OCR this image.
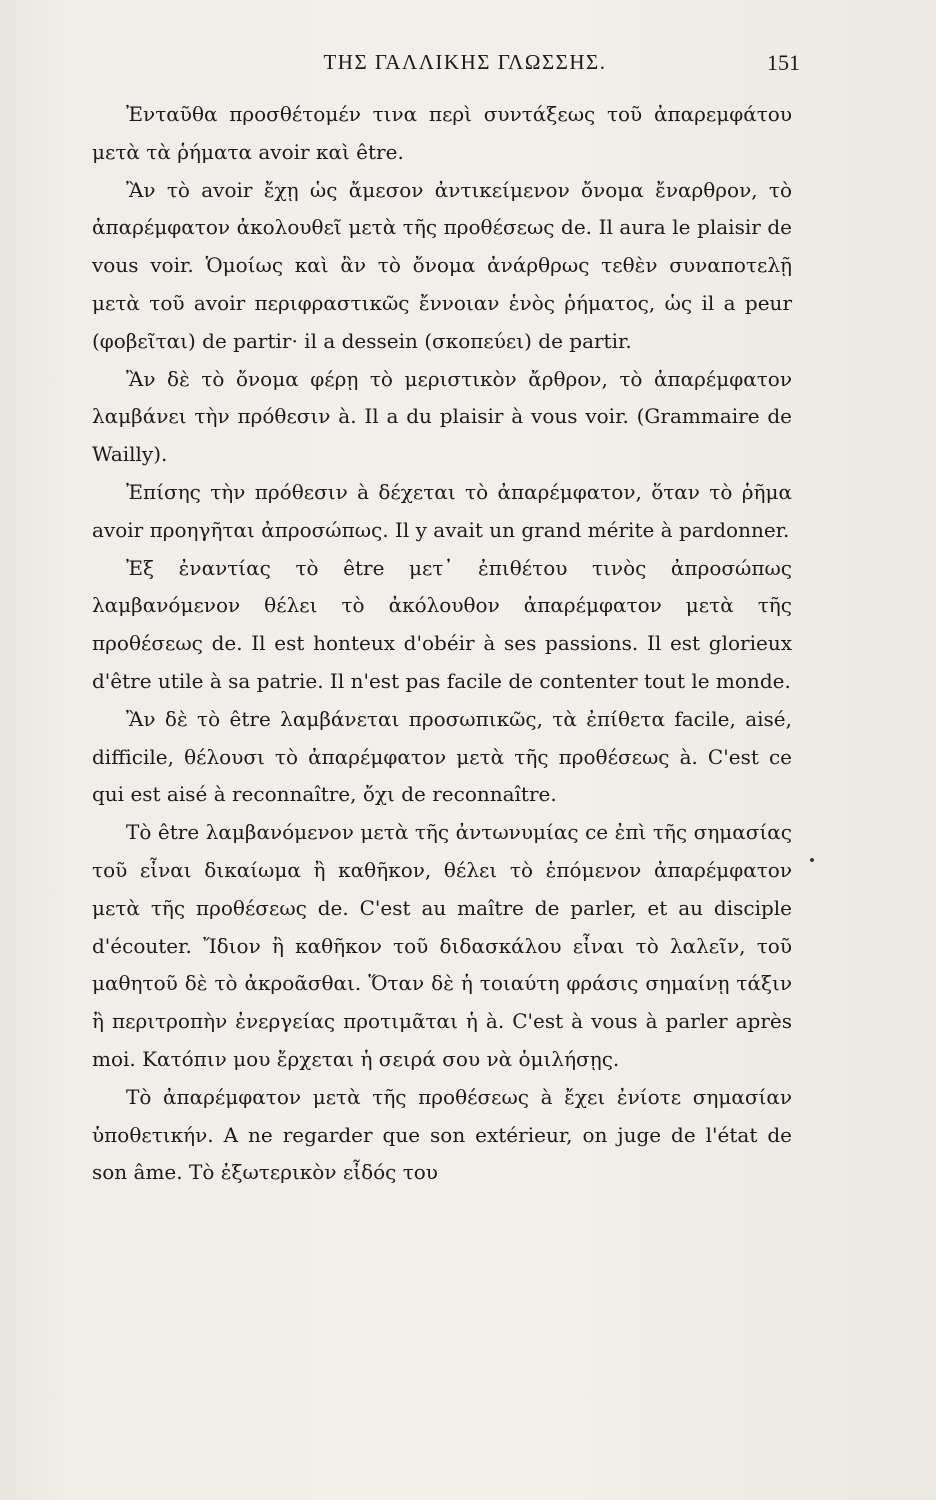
ΤΗΣ ΓΑΛΛΙΚΗΣ ΓΛΩΣΣΗΣ.	151

Ἐνταῦθα προσθέτομέν τινα περὶ συντάξεως τοῦ ἀπαρεμφάτου μετὰ τὰ ῥήματα avoir καὶ être.

Ἂν τὸ avoir ἔχῃ ὡς ἄμεσον ἀντικείμενον ὄνομα ἔναρθρον, τὸ ἀπαρέμφατον ἀκολουθεῖ μετὰ τῆς προθέσεως de. Il aura le plaisir de vous voir. Ὁμοίως καὶ ἂν τὸ ὄνομα ἀνάρθρως τεθὲν συναποτελῇ μετὰ τοῦ avoir περιφραστικῶς ἔννοιαν ἑνὸς ῥήματος, ὡς il a peur (φοβεῖται) de partir· il a dessein (σκοπεύει) de partir.

Ἂν δὲ τὸ ὄνομα φέρῃ τὸ μεριστικὸν ἄρθρον, τὸ ἀπαρέμφατον λαμβάνει τὴν πρόθεσιν à. Il a du plaisir à vous voir. (Grammaire de Wailly).

Ἐπίσης τὴν πρόθεσιν à δέχεται τὸ ἀπαρέμφατον, ὅταν τὸ ῥῆμα avoir προηγῆται ἀπροσώπως. Il y avait un grand mérite à pardonner.

Ἐξ ἐναντίας τὸ être μετ᾽ ἐπιθέτου τινὸς ἀπροσώπως λαμβανόμενον θέλει τὸ ἀκόλουθον ἀπαρέμφατον μετὰ τῆς προθέσεως de. Il est honteux d'obéir à ses passions. Il est glorieux d'être utile à sa patrie. Il n'est pas facile de contenter tout le monde.

Ἂν δὲ τὸ être λαμβάνεται προσωπικῶς, τὰ ἐπίθετα facile, aisé, difficile, θέλουσι τὸ ἀπαρέμφατον μετὰ τῆς προθέσεως à. C'est ce qui est aisé à reconnaître, ὄχι de reconnaître.

Τὸ être λαμβανόμενον μετὰ τῆς ἀντωνυμίας ce ἐπὶ τῆς σημασίας τοῦ εἶναι δικαίωμα ἢ καθῆκον, θέλει τὸ ἑπόμενον ἀπαρέμφατον μετὰ τῆς προθέσεως de. C'est au maître de parler, et au disciple d'écouter. Ἴδιον ἢ καθῆκον τοῦ διδασκάλου εἶναι τὸ λαλεῖν, τοῦ μαθητοῦ δὲ τὸ ἀκροᾶσθαι. Ὅταν δὲ ἡ τοιαύτη φράσις σημαίνῃ τάξιν ἢ περιτροπὴν ἐνεργείας προτιμᾶται ἡ à. C'est à vous à parler après moi. Κατόπιν μου ἔρχεται ἡ σειρά σου νὰ ὁμιλήσῃς.

Τὸ ἀπαρέμφατον μετὰ τῆς προθέσεως à ἔχει ἐνίοτε σημασίαν ὑποθετικήν. A ne regarder que son extérieur, on juge de l'état de son âme. Τὸ ἐξωτερικὸν εἶδός του
